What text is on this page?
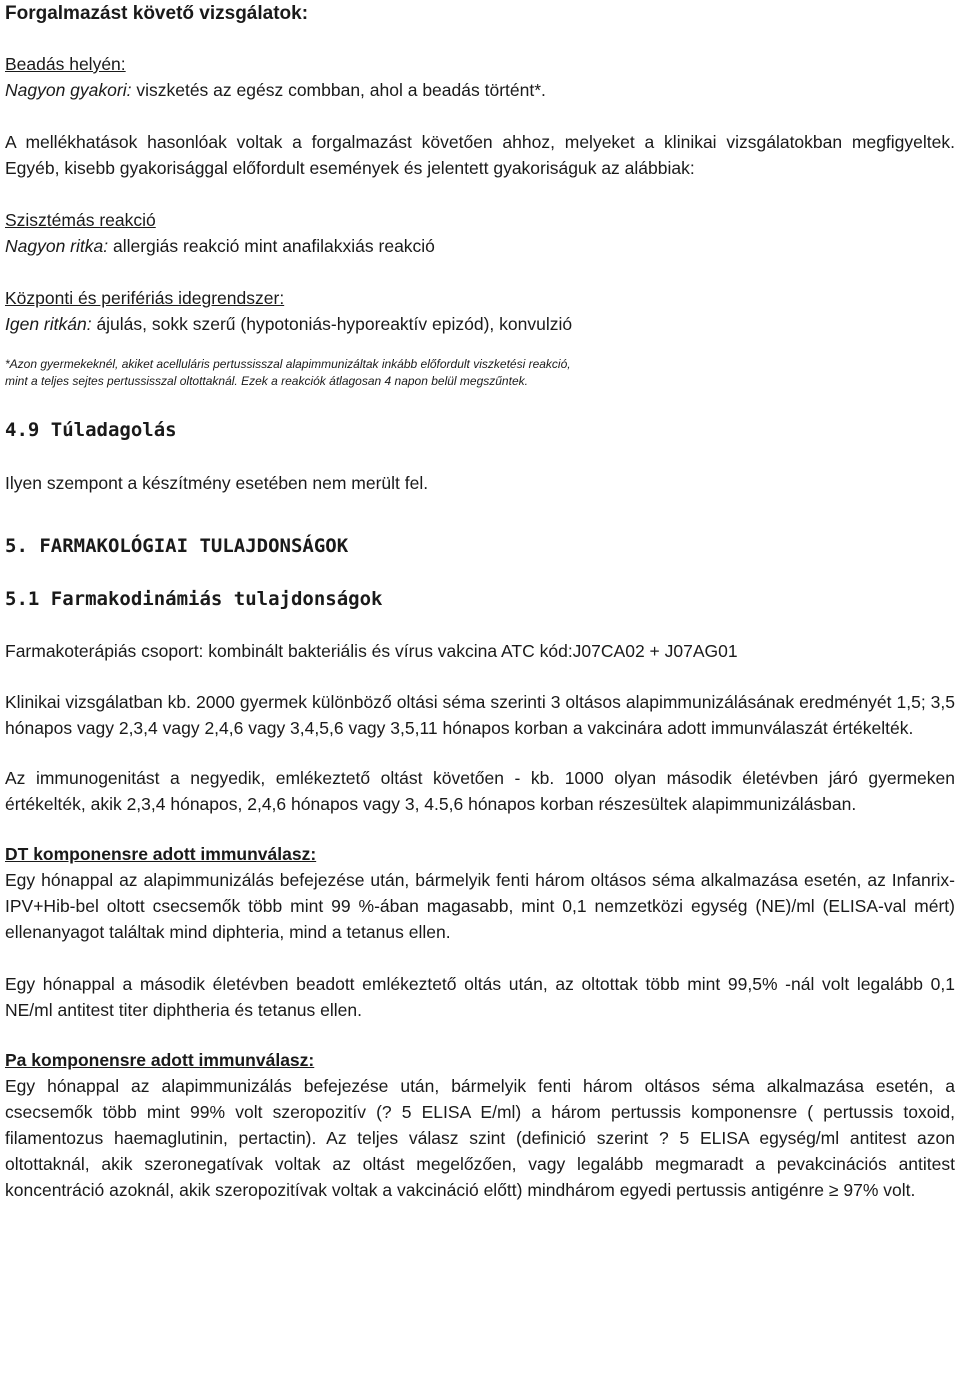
Forgalmazást követő vizsgálatok:

Beadás helyén:

Nagyon gyakori: viszketés az egész combban, ahol a beadás történt*.

A mellékhatások hasonlóak voltak a forgalmazást követően ahhoz, melyeket a klinikai vizsgálatokban megfigyeltek. Egyéb, kisebb gyakorisággal előfordult események és jelentett gyakoriságuk az alábbiak:

Szisztémás reakció

Nagyon ritka: allergiás reakció mint anafilakxiás reakció

Központi és perifériás idegrendszer:

Igen ritkán: ájulás, sokk szerű (hypotoniás-hyporeaktív epizód), konvulzió

*Azon gyermekeknél, akiket acelluláris pertussisszal alapimmunizáltak inkább előfordult viszketési reakció,

mint a teljes sejtes pertussisszal oltottaknál. Ezek a reakciók átlagosan 4 napon belül megszűntek.

4.9 Túladagolás

Ilyen szempont a készítmény esetében nem merült fel.

5. FARMAKOLÓGIAI TULAJDONSÁGOK
5.1 Farmakodinámiás tulajdonságok

Farmakoterápiás csoport: kombinált bakteriális és vírus vakcina ATC kód:J07CA02 + J07AG01

Klinikai vizsgálatban kb. 2000 gyermek különböző oltási séma szerinti 3 oltásos alapimmunizálásának eredményét 1,5; 3,5 hónapos vagy 2,3,4 vagy 2,4,6 vagy 3,4,5,6 vagy 3,5,11 hónapos korban a vakcinára adott immunválaszát értékelték.

Az immunogenitást a negyedik, emlékeztető oltást követően - kb. 1000 olyan második életévben járó gyermeken értékelték, akik 2,3,4 hónapos, 2,4,6 hónapos vagy 3, 4.5,6 hónapos korban részesültek alapimmunizálásban.

DT komponensre adott immunválasz:

Egy hónappal az alapimmunizálás befejezése után, bármelyik fenti három oltásos séma alkalmazása esetén, az Infanrix- IPV+Hib-bel oltott csecsemők több mint 99 %-ában magasabb, mint 0,1 nemzetközi egység (NE)/ml (ELISA-val mért) ellenanyagot találtak mind diphteria, mind a tetanus ellen.

Egy hónappal a második életévben beadott emlékeztető oltás után, az oltottak több mint 99,5% -nál volt legalább 0,1 NE/ml antitest titer diphtheria és tetanus ellen.

Pa komponensre adott immunválasz:

Egy hónappal az alapimmunizálás befejezése után, bármelyik fenti három oltásos séma alkalmazása esetén, a csecsemők több mint 99% volt szeropozitív (? 5 ELISA E/ml) a három pertussis komponensre ( pertussis toxoid, filamentozus haemaglutinin, pertactin). Az teljes válasz szint (definició szerint ? 5 ELISA egység/ml antitest azon oltottaknál, akik szeronegatívak voltak az oltást megelőzően, vagy legalább megmaradt a pevakcinációs antitest koncentráció azoknál, akik szeropozitívak voltak a vakcináció előtt) mindhárom egyedi pertussis antigénre ≥ 97% volt.
